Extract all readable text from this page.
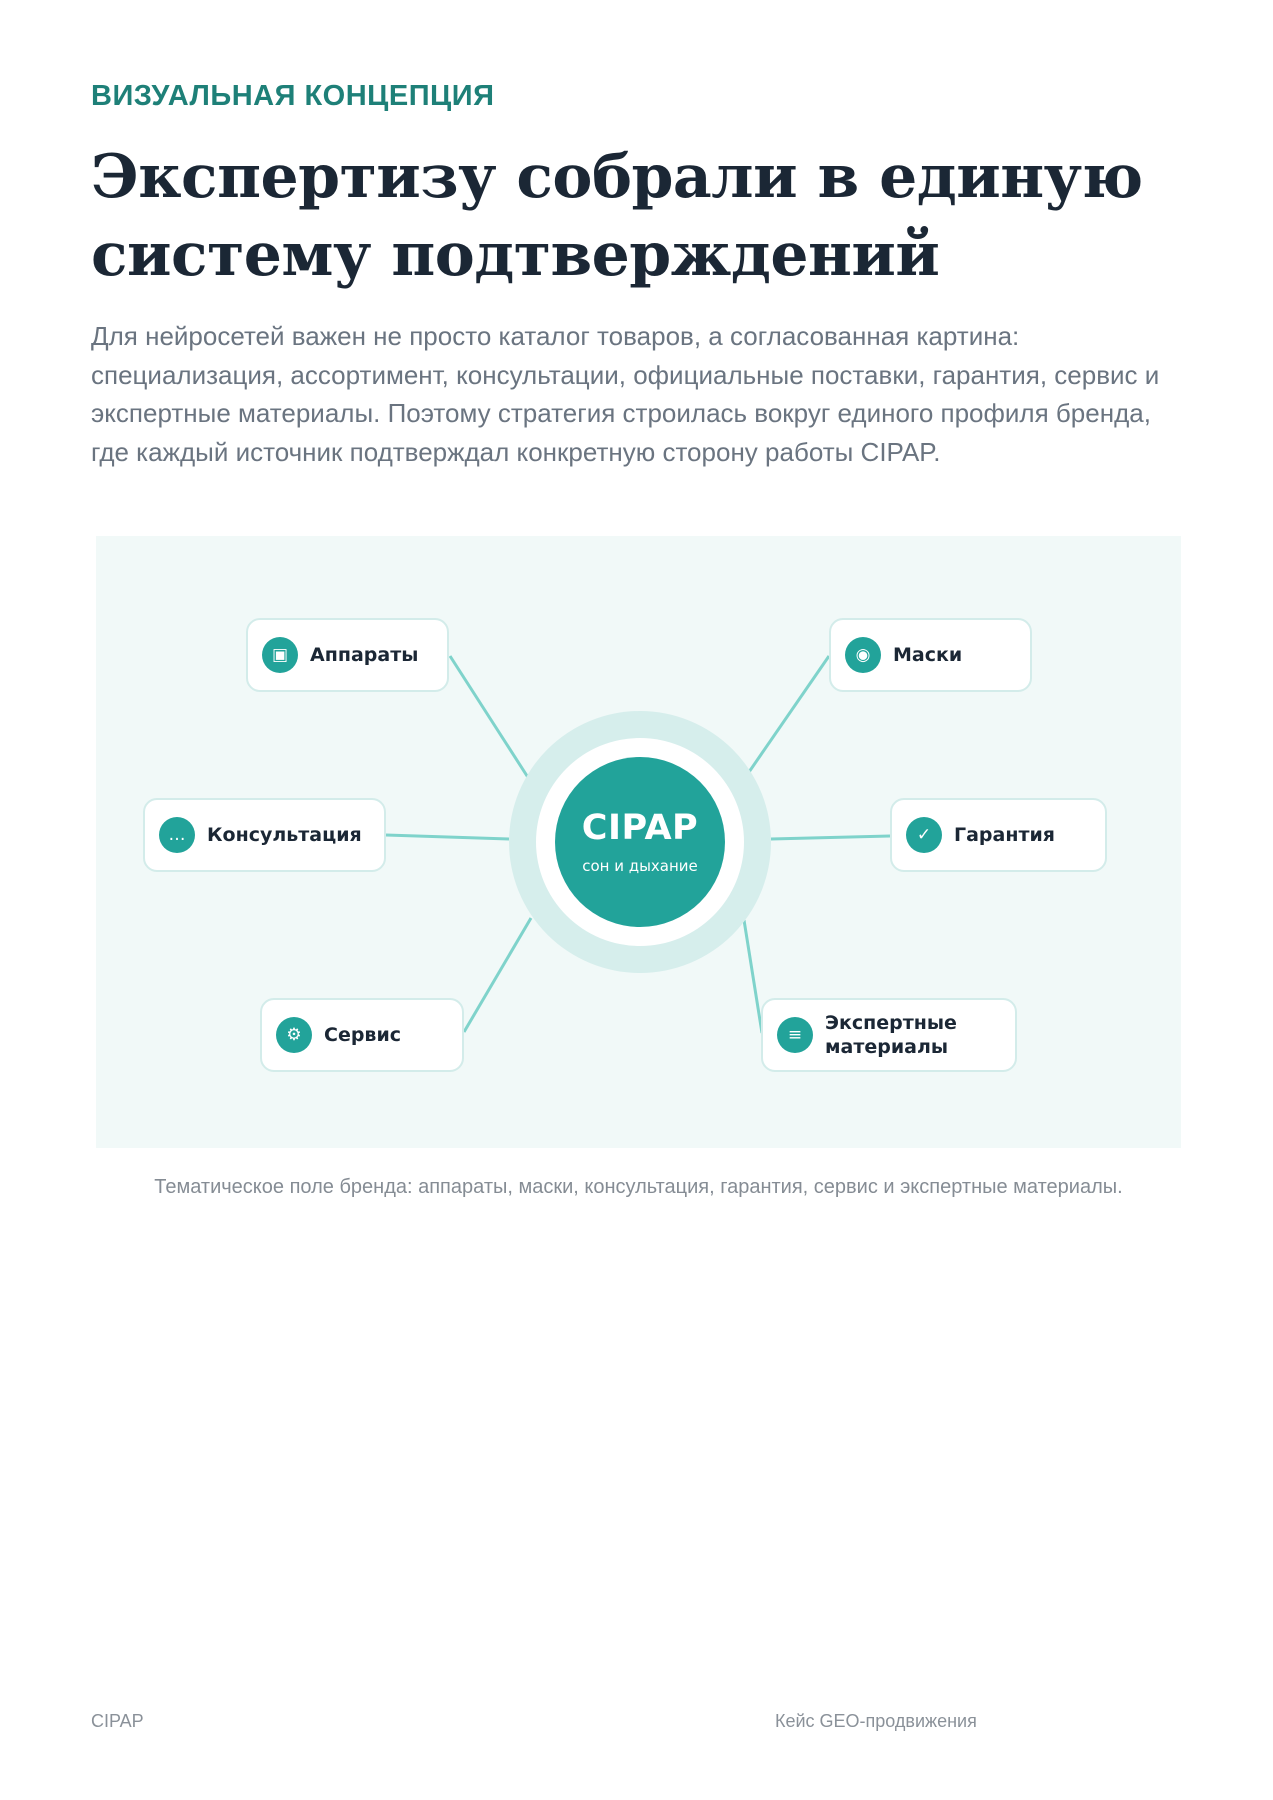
ВИЗУАЛЬНАЯ КОНЦЕПЦИЯ
Экспертизу собрали в единую
систему подтверждений
Для нейросетей важен не просто каталог товаров, а согласованная картина: специализация, ассортимент, консультации, официальные поставки, гарантия, сервис и экспертные материалы. Поэтому стратегия строилась вокруг единого профиля бренда, где каждый источник подтверждал конкретную сторону работы CIPAP.
CIPAP
сон и дыхание
▣	Аппараты	◉	Маски
…	Консультация	✓	Гарантия
⚙	Сервис	≡
Экспертные
материалы
Тематическое поле бренда: аппараты, маски, консультация, гарантия, сервис и экспертные материалы.
CIPAP	Кейс GEO-продвижения
